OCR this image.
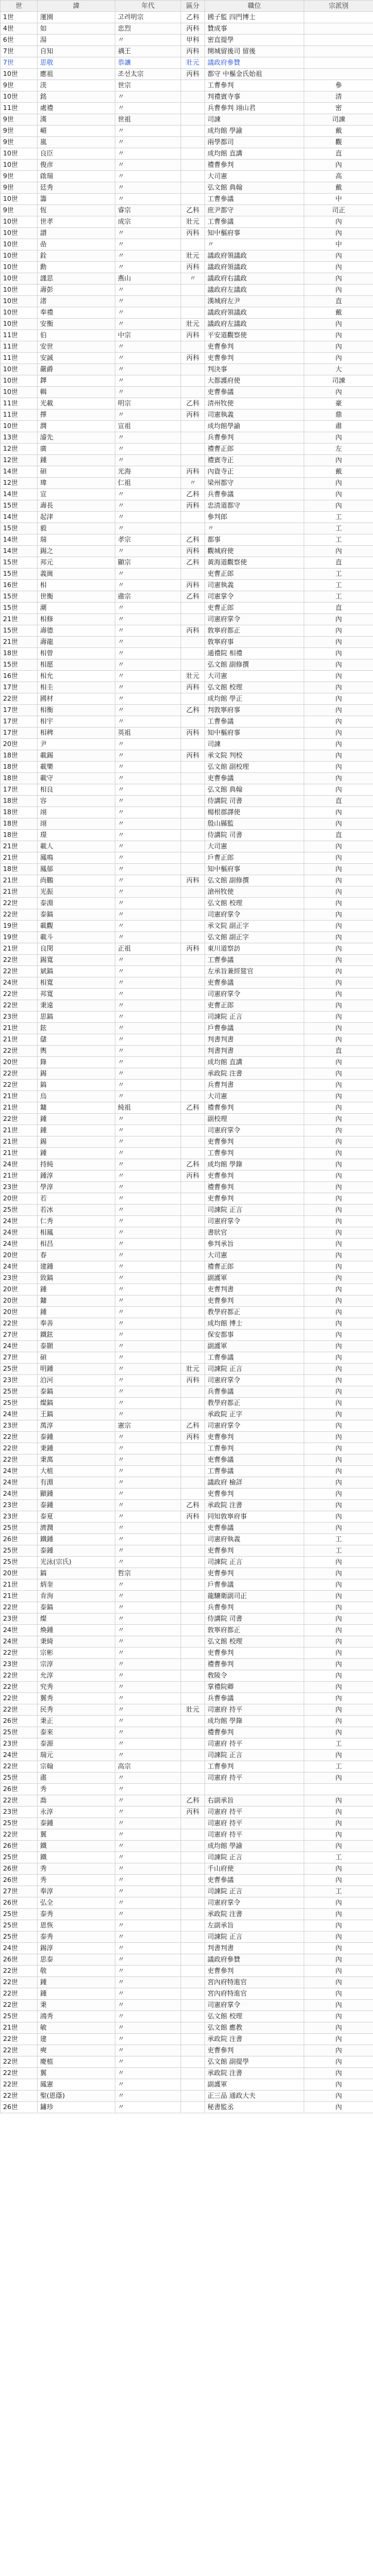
世	諱	年代	區分	職位	宗派別
1世	運園	고려明宗	乙科	國子監 四門博士	
4世	如	忠烈	丙科	贊成事	
6世	湯	〃	甲科	密直提學	
7世	自知	禑王	丙科	開城留後司 留後	
7世	思敬	恭讓	壯元	議政府參贊	
10世	應祖	조선太宗	丙科	都守 中樞金氏始祖	
9世	渼	世宗		工曹參判	參
10世	銘	〃		判禮賓寺事	清
11世	處禮	〃		兵曹參判 翊山君	密
9世	漢	世祖		司諫	司諫
9世	嵋	〃		成均館 學諭	戴
9世	嵐	〃		兩學都司	觀
10世	良臣	〃		成均館 直講	直
10世	俊彦	〃		禮曹參判	內
9世	啟瑞	〃		大司憲	高
9世	廷秀	〃		弘文館 典翰	戴
10世	籌	〃		工曹參議	中
9世	恆	睿宗	乙科	庶尹都守	司正
10世	世孝	成宗	壯元	工曹參議	內
10世	譜	〃	丙科	知中樞府事	內
10世	嵒	〃		〃	中
10世	銓	〃	壯元	議政府領議政	內
10世	勳	〃	丙科	議政府領議政	內
10世	謹思	燕山	〃	議政府右議政	內
10世	壽彭	〃		議政府左議政	內
10世	渚	〃		漢城府左尹	直
10世	奉禮	〃		議政府領議政	戴
10世	安衡	〃	壯元	議政府左議政	內
11世	伯	中宗	丙科	平安道觀察使	內
11世	安世	〃		吏曹參判	內
11世	安誠	〃	丙科	吏曹參判	內
10世	嚴爵	〃		判決事	大
10世	鐸	〃		大都護府使	司諫
10世	輯	〃		吏曹參議	內
11世	光載	明宗	乙科	清州牧使	豪
11世	擇	〃	丙科	司憲執義	鼎
10世	潤	宣祖		成均館學諭	肅
13世	濬先	〃		兵曹參判	內
12世	廣	〃		禮曹正郎	左
12世	鍾	〃		禮賓寺正	內
14世	碩	光海	丙科	內資寺正	戴
12世	瑋	仁祖	〃	梁州都守	內
14世	宣	〃	乙科	兵曹參議	內
15世	壽長	〃	丙科	忠清道都守	內
14世	起津	〃		參判郎	工
15世	毅	〃		〃	工
14世	瑞	孝宗	乙科	都事	工
14世	錫之	〃	丙科	觀城府使	內
15世	邦元	顯宗	乙科	黃海道觀察使	直
15世	義崗	〃		吏曹正郎	工
16世	相	〃	丙科	司憲執義	工
15世	世衡	肅宗	乙科	司憲掌令	工
15世	潮	〃		吏曹正郎	直
21世	相修	〃		司憲府掌令	內
15世	壽德	〃	丙科	敦寧府都正	內
21世	壽龍	〃		敦寧府事	內
18世	相曾	〃		通禮院 相禮	內
15世	相愿	〃		弘文館 副修撰	內
16世	相允	〃	壯元	大司憲	內
17世	相圭	〃	丙科	弘文館 校理	內
22世	國材	〃		成均館 學正	內
17世	相衡	〃	乙科	判敦寧府事	內
17世	相宇	〃		工曹參議	內
17世	相稗	英祖	丙科	知中樞府事	內
20世	尹	〃		司諫	內
18世	載錫	〃	丙科	承文院 判校	內
18世	載樂	〃		弘文館 副校理	內
18世	載守	〃		吏曹參議	內
17世	相良	〃		弘文館 典翰	內
18世	容	〃		侍講院 司書	直
18世	翊	〃		楊根郡譯使	內
18世	翊	〃		殷山縣監	內
18世	璟	〃		侍講院 司書	直
21世	載人	〃		大司憲	內
21世	鳳鳴	〃		戶曹正郎	內
18世	鳳郁	〃		知中樞府事	內
21世	尚鵬	〃	丙科	弘文館 副修撰	內
21世	光振	〃		滄州牧使	內
22世	泰淵	〃		弘文館 校理	內
22世	泰鎬	〃		司憲府掌令	內
19世	載觀	〃		承文院 副正字	內
19世	載斗	〃		弘文館 副正字	內
21世	良閔	正祖	丙科	東川道察訪	內
22世	錫寬	〃		工曹參議	內
22世	斌鎬	〃		左承旨兼經筵官	內
24世	相寬	〃		吏曹參議	內
22世	邦寬	〃		司憲府掌令	內
22世	秉遠	〃		吏曹正郎	內
23世	思鎬	〃		司諫院 正言	內
21世	鉉	〃		戶曹參議	內
21世	儲	〃		判書判書	內
22世	輿	〃		判書判書	直
20世	錄	〃		成均館 直講	內
22世	錫	〃		承政院 注書	內
22世	鎬	〃		兵曹判書	內
21世	烏	〃		大司憲	內
21世	鏞	純祖	乙科	禮曹參判	內
22世	鍾	〃		副校理	內
21世	鍾	〃		司憲府掌令	內
21世	錫	〃		吏曹參判	內
21世	鍾	〃		工曹參判	內
24世	持純	〃	乙科	成均館 學錄	內
21世	鍾淳	〃	丙科	吏曹參判	內
23世	學淳	〃		禮曹參判	內
20世	若	〃		吏曹參判	內
25世	若冰	〃		司諫院 正言	內
24世	仁秀	〃		司憲府掌令	內
24世	相鳳	〃		書狀官	內
24世	相昌	〃		參判承旨	內
20世	春	〃		大司憲	內
24世	建鍾	〃		禮曹正郎	內
23世	致鎬	〃		副護軍	內
20世	鍾	〃		吏曹判書	內
20世	鏞	〃		吏曹參判	內
20世	鍾	〃		教學府都正	內
22世	奉善	〃		成均館 博士	內
27世	鐵鉉	〃		保安都事	內
24世	泰顥	〃		副護軍	內
27世	碩	〃		工曹參議	內
25世	明鍾	〃	壯元	司諫院 正言	內
23世	泊河	〃	丙科	司憲府掌令	內
25世	泰鎬	〃		兵曹參議	內
25世	燦鎬	〃		教學府都正	內
24世	王鎬	〃		承政院 正字	內
23世	萬淳	憲宗	乙科	司憲府掌令	內
22世	泰鍾	〃	丙科	吏曹參判	內
22世	秉鍾	〃		工曹參判	內
22世	秉萬	〃		吏曹參議	內
24世	大植	〃		工曹參議	內
24世	有淵	〃		議政府 檢詳	內
24世	顯鍾	〃		吏曹參判	內
23世	泰鍾	〃	乙科	承政院 注書	內
23世	泰夏	〃	丙科	同知敦寧府事	內
25世	濟潤	〃		吏曹參議	內
26世	鐵鍾	〃		司憲府執義	工
25世	泰鍾	〃		吏曹參判	工
25世	光泳(宗氏)	〃		司諫院 正言	內
20世	鎬	哲宗		吏曹參判	內
21世	炳奎	〃		戶曹參議	內
21世	肯洵	〃		龍驤衛副司正	內
22世	泰鎬	〃		兵曹參判	內
23世	燦	〃		侍講院 司書	內
24世	煥鍾	〃		敦寧府都正	內
24世	秉綺	〃		弘文館 校理	內
22世	宗彬	〃		吏曹參判	內
23世	宗淳	〃		禮曹參判	內
22世	允淳	〃		敎陵令	內
22世	究秀	〃		掌禮院卿	內
22世	翼秀	〃		兵曹參議	內
22世	民秀	〃	壯元	司憲府 持平	內
26世	秉正	〃		成均館 學錄	內
25世	泰來	〃		禮曹參判	內
23世	泰源	〃		司憲府 持平	工
24世	瑞元	〃		司諫院 正言	內
22世	宗翰	高宗		工曹參判	工
25世	肅	〃		司憲府 持平	內
26世	秀	〃			
22世	喬	〃	乙科	右副承旨	內
23世	永淳	〃	丙科	司憲府 持平	內
25世	泰鍾	〃		司憲府 持平	內
22世	翼	〃		司憲府 持平	內
26世	鐵	〃		成均館 學諭	內
25世	鐵	〃		司諫院 正言	工
26世	秀	〃		千山府使	內
26世	秀	〃		吏曹參議	內
27世	奉淳	〃		司諫院 正言	工
26世	弘全	〃		司憲府掌令	內
25世	泰秀	〃		承政院 注書	內
25世	恩恢	〃		左副承旨	內
25世	泰秀	〃		司諫院 正言	內
24世	錫淳	〃		判書判書	內
26世	思泰	〃		議政府參贊	內
22世	敬	〃		吏曹參判	內
22世	鍾	〃		宮內府特進官	內
22世	鍾	〃		宮內府特進官	內
22世	秉	〃		司憲府掌令	內
25世	鴻秀	〃		弘文館 校理	內
21世	敏	〃		弘文館 應教	內
22世	建	〃		承政院 注書	內
22世	奭	〃		吏曹參判	內
22世	慶植	〃		弘文館 副提學	內
22世	翼	〃		承政院 注書	內
22世	鳳憲	〃		副護軍	內
22世	聖(恩蔭)	〃		正三品 通政大夫	內
26世	鏽珍	〃		秘書監丞	內
